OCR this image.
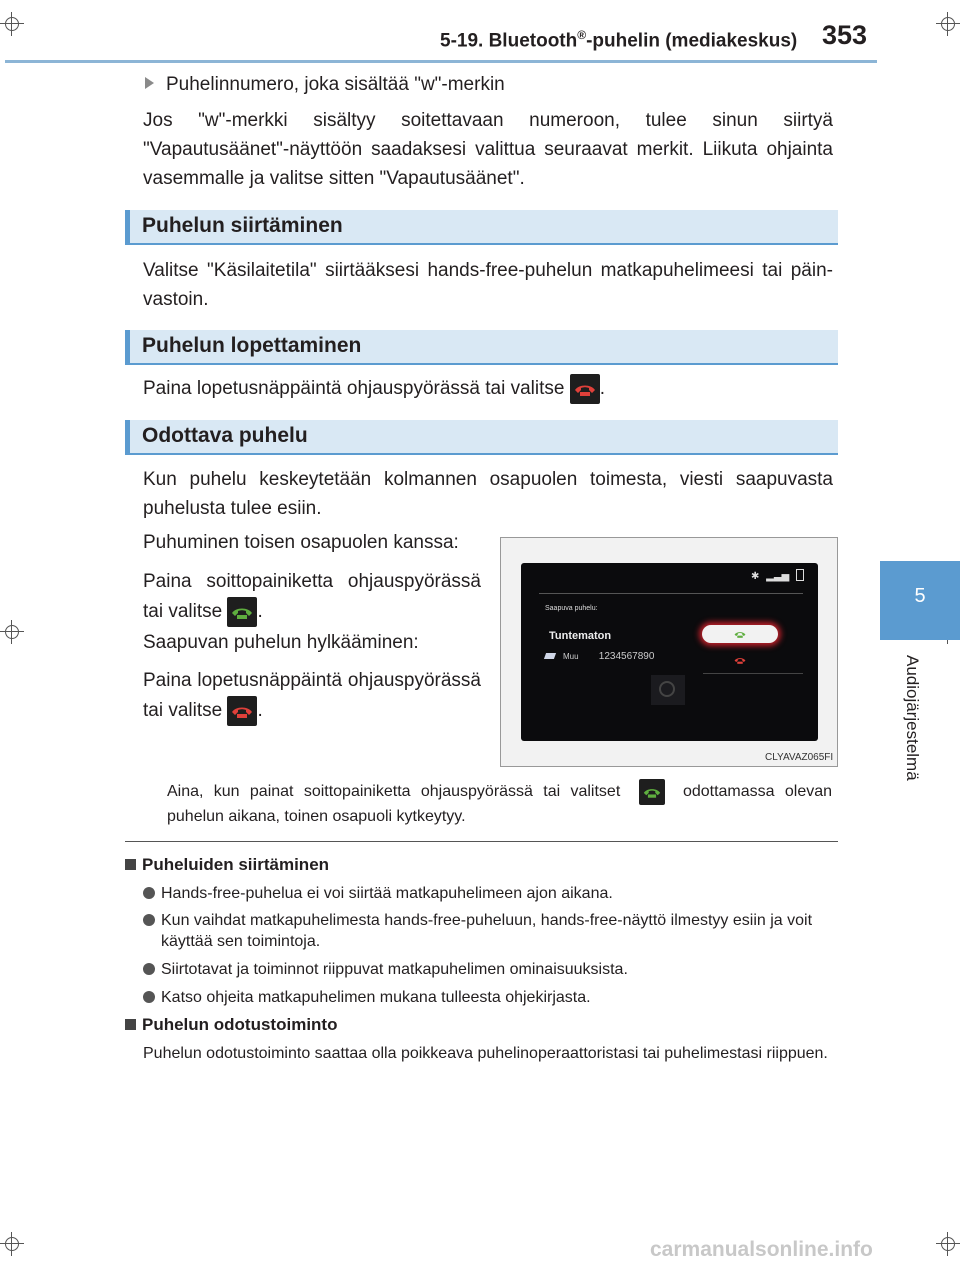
5-19. Bluetooth®-puhelin (mediakeskus) 353
5
Audiojärjestelmä
Puhelinnumero, joka sisältää "w"-merkin
Jos "w"-merkki sisältyy soitettavaan numeroon, tulee sinun siirtyä "Vapautusäänet"-näyttöön saadaksesi valittua seuraavat merkit. Liikuta ohjainta vasemmalle ja valitse sitten "Vapautusäänet".
Puhelun siirtäminen
Valitse "Käsilaitetila" siirtääksesi hands-free-puhelun matkapuhelimeesi tai päin-vastoin.
Puhelun lopettaminen
Paina lopetusnäppäintä ohjauspyörässä tai valitse .
Odottava puhelu
Kun puhelu keskeytetään kolmannen osapuolen toimesta, viesti saapuvasta puhelusta tulee esiin.
Puhuminen toisen osapuolen kanssa:
Paina soittopainiketta ohjauspyörässä tai valitse .
Saapuvan puhelun hylkääminen:
Paina lopetusnäppäintä ohjauspyörässä tai valitse .
✱ ▂▃▅
Saapuva puhelu:
Tuntematon
Muu 1234567890
CLYAVAZ065FI
Aina, kun painat soittopainiketta ohjauspyörässä tai valitset	odottamassa olevan puhelun aikana, toinen osapuoli kytkeytyy.
Puheluiden siirtäminen
Hands-free-puhelua ei voi siirtää matkapuhelimeen ajon aikana.
Kun vaihdat matkapuhelimesta hands-free-puheluun, hands-free-näyttö ilmestyy esiin ja voit käyttää sen toimintoja.
Siirtotavat ja toiminnot riippuvat matkapuhelimen ominaisuuksista.
Katso ohjeita matkapuhelimen mukana tulleesta ohjekirjasta.
Puhelun odotustoiminto
Puhelun odotustoiminto saattaa olla poikkeava puhelinoperaattoristasi tai puhelimestasi riippuen.
carmanualsonline.info
